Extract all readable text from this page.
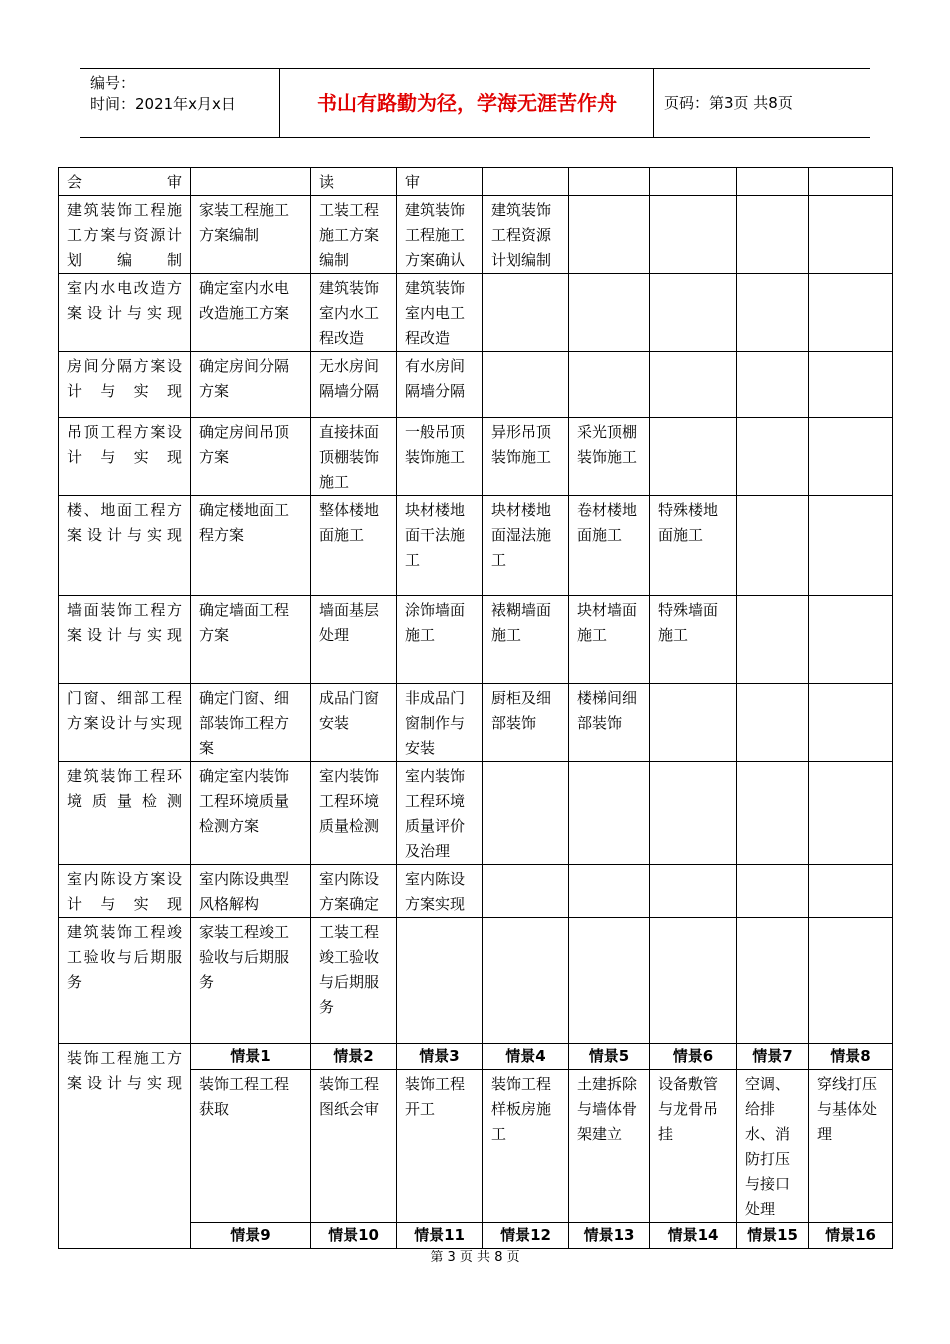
编号：
时间：2021年x月x日	书山有路勤为径，学海无涯苦作舟	页码：第3页 共8页
会审		读	审					
建筑装饰工程施工方案与资源计划编制	家装工程施工方案编制	工装工程施工方案编制	建筑装饰工程施工方案确认	建筑装饰工程资源计划编制				
室内水电改造方案设计与实现	确定室内水电改造施工方案	建筑装饰室内水工程改造	建筑装饰室内电工程改造					
房间分隔方案设计与实现	确定房间分隔方案	无水房间隔墙分隔	有水房间隔墙分隔					
吊顶工程方案设计与实现	确定房间吊顶方案	直接抹面顶棚装饰施工	一般吊顶装饰施工	异形吊顶装饰施工	采光顶棚装饰施工			
楼、地面工程方案设计与实现	确定楼地面工程方案	整体楼地面施工	块材楼地面干法施工	块材楼地面湿法施工	卷材楼地面施工	特殊楼地面施工		
墙面装饰工程方案设计与实现	确定墙面工程方案	墙面基层处理	涂饰墙面施工	裱糊墙面施工	块材墙面施工	特殊墙面施工		
门窗、细部工程方案设计与实现	确定门窗、细部装饰工程方案	成品门窗安装	非成品门窗制作与安装	厨柜及细部装饰	楼梯间细部装饰			
建筑装饰工程环境质量检测	确定室内装饰工程环境质量检测方案	室内装饰工程环境质量检测	室内装饰工程环境质量评价及治理					
室内陈设方案设计与实现	室内陈设典型风格解构	室内陈设方案确定	室内陈设方案实现					
建筑装饰工程竣工验收与后期服务	家装工程竣工验收与后期服务	工装工程竣工验收与后期服务						
装饰工程施工方案设计与实现	情景1	情景2	情景3	情景4	情景5	情景6	情景7	情景8
	装饰工程工程获取	装饰工程图纸会审	装饰工程开工	装饰工程样板房施工	土建拆除与墙体骨架建立	设备敷管与龙骨吊挂	空调、给排水、消防打压与接口处理	穿线打压与基体处理
	情景9	情景10	情景11	情景12	情景13	情景14	情景15	情景16
第 3 页 共 8 页
